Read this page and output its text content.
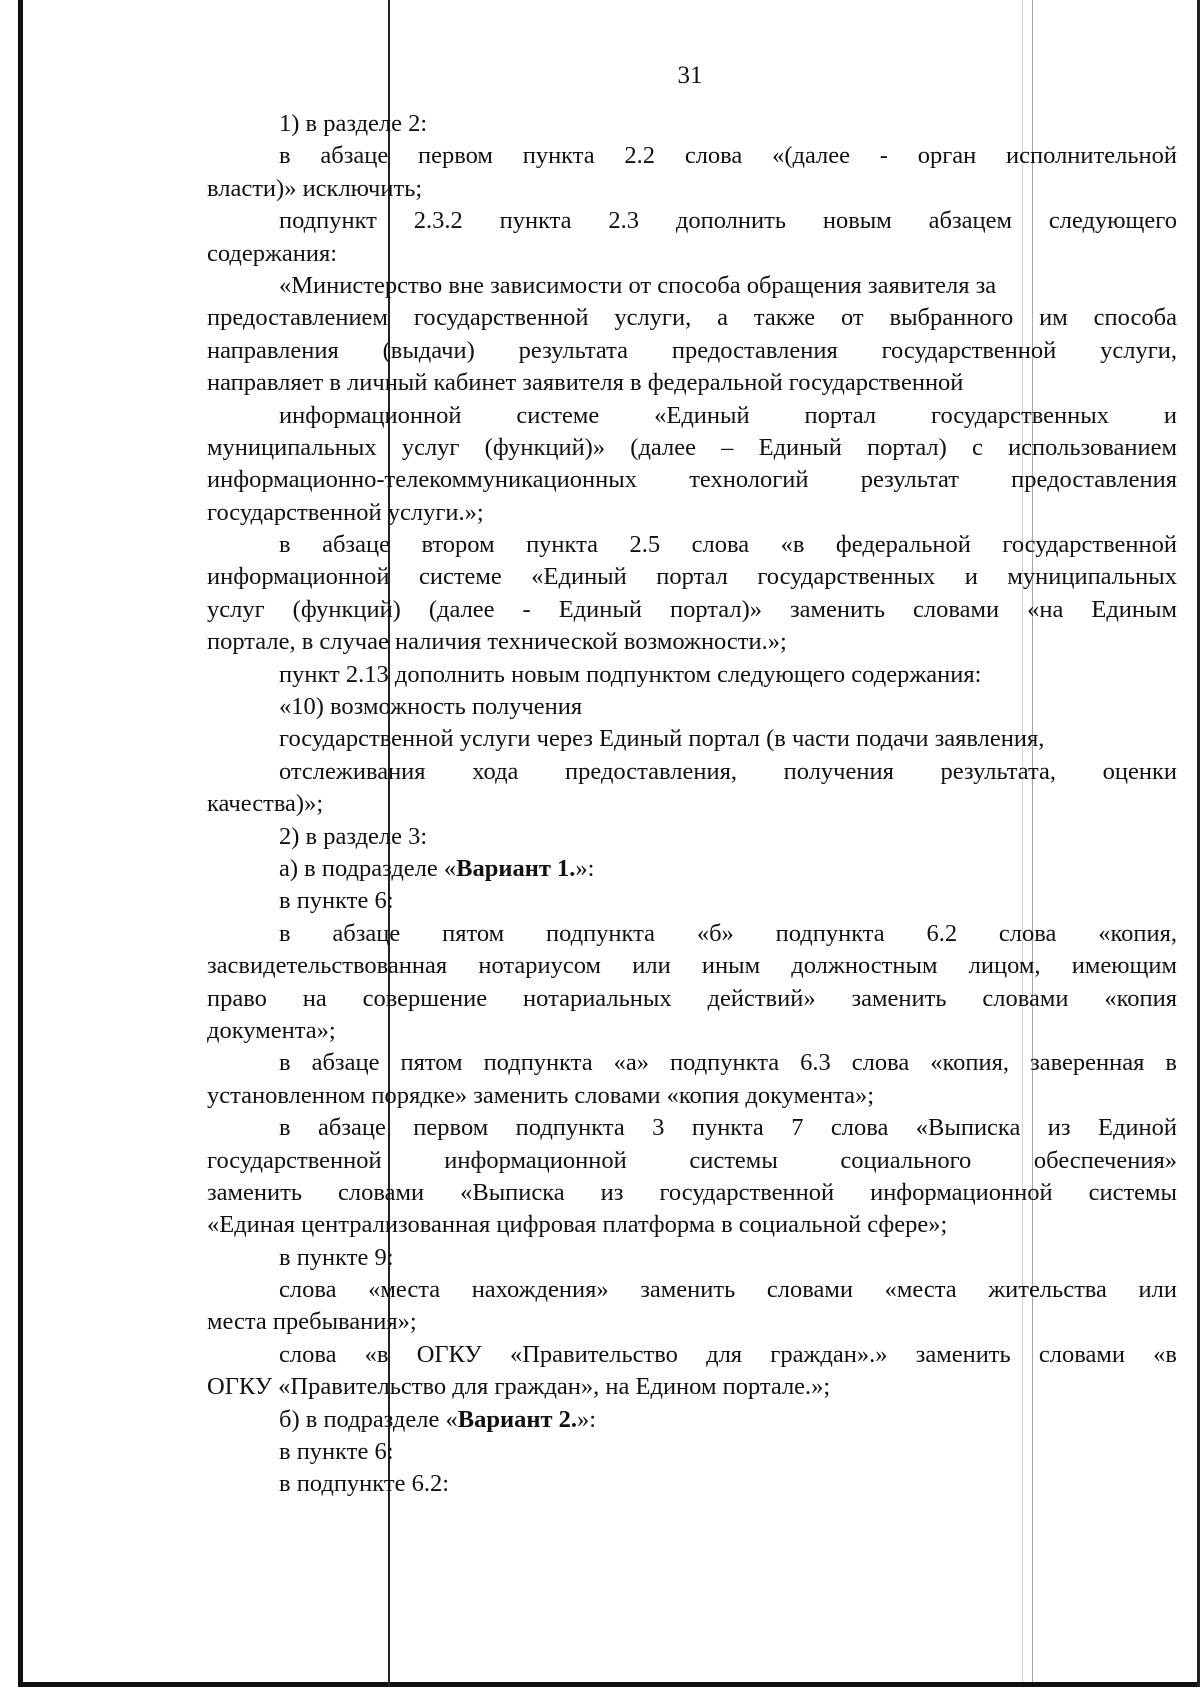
31
1) в разделе 2:
в абзаце первом пункта 2.2 слова «(далее - орган исполнительной
власти)» исключить;
подпункт 2.3.2 пункта 2.3 дополнить новым абзацем следующего
содержания:
«Министерство вне зависимости от способа обращения заявителя за
предоставлением государственной услуги, а также от выбранного им способа
направления (выдачи) результата предоставления государственной услуги,
направляет в личный кабинет заявителя в федеральной государственной
информационной системе «Единый портал государственных и
муниципальных услуг (функций)» (далее – Единый портал) с использованием
информационно-телекоммуникационных технологий результат предоставления
государственной услуги.»;
в абзаце втором пункта 2.5 слова «в федеральной государственной
информационной системе «Единый портал государственных и муниципальных
услуг (функций) (далее - Единый портал)» заменить словами «на Единым
портале, в случае наличия технической возможности.»;
пункт 2.13 дополнить новым подпунктом следующего содержания:
«10) возможность получения
государственной услуги через Единый портал (в части подачи заявления,
отслеживания хода предоставления, получения результата, оценки
качества)»;
2) в разделе 3:
а) в подразделе «Вариант 1.»:
в пункте 6:
в абзаце пятом подпункта «б» подпункта 6.2 слова «копия,
засвидетельствованная нотариусом или иным должностным лицом, имеющим
право на совершение нотариальных действий» заменить словами «копия
документа»;
в абзаце пятом подпункта «а» подпункта 6.3 слова «копия, заверенная в
установленном порядке» заменить словами «копия документа»;
в абзаце первом подпункта 3 пункта 7 слова «Выписка из Единой
государственной информационной системы социального обеспечения»
заменить словами «Выписка из государственной информационной системы
«Единая централизованная цифровая платформа в социальной сфере»;
в пункте 9:
слова «места нахождения» заменить словами «места жительства или
места пребывания»;
слова «в ОГКУ «Правительство для граждан».» заменить словами «в
ОГКУ «Правительство для граждан», на Едином портале.»;
б) в подразделе «Вариант 2.»:
в пункте 6:
в подпункте 6.2:
